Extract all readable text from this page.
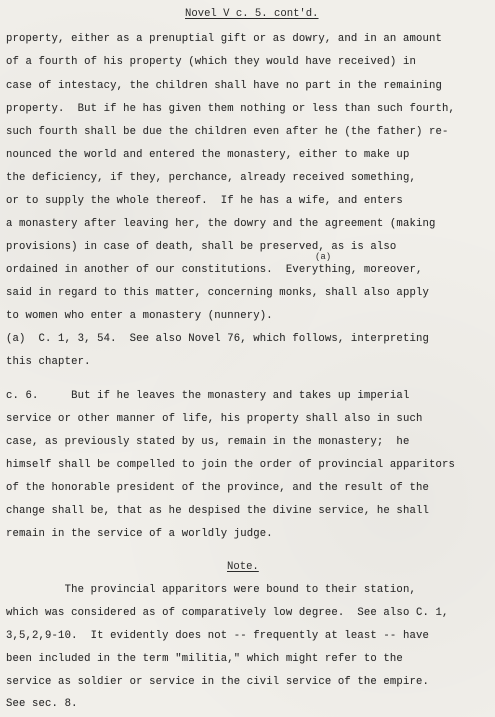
Novel V c. 5. cont'd.
property, either as a prenuptial gift or as dowry, and in an amount
of a fourth of his property (which they would have received) in
case of intestacy, the children shall have no part in the remaining
property.  But if he has given them nothing or less than such fourth,
such fourth shall be due the children even after he (the father) re-
nounced the world and entered the monastery, either to make up
the deficiency, if they, perchance, already received something,
or to supply the whole thereof.  If he has a wife, and enters
a monastery after leaving her, the dowry and the agreement (making
provisions) in case of death, shall be preserved, as is also
(a)
ordained in another of our constitutions.  Everything, moreover,
said in regard to this matter, concerning monks, shall also apply
to women who enter a monastery (nunnery).
(a)  C. 1, 3, 54.  See also Novel 76, which follows, interpreting
this chapter.
c. 6.     But if he leaves the monastery and takes up imperial
service or other manner of life, his property shall also in such
case, as previously stated by us, remain in the monastery;  he
himself shall be compelled to join the order of provincial apparitors
of the honorable president of the province, and the result of the
change shall be, that as he despised the divine service, he shall
remain in the service of a worldly judge.
Note.
The provincial apparitors were bound to their station,
which was considered as of comparatively low degree.  See also C. 1,
3,5,2,9-10.  It evidently does not -- frequently at least -- have
been included in the term "militia," which might refer to the
service as soldier or service in the civil service of the empire.
See sec. 8.
